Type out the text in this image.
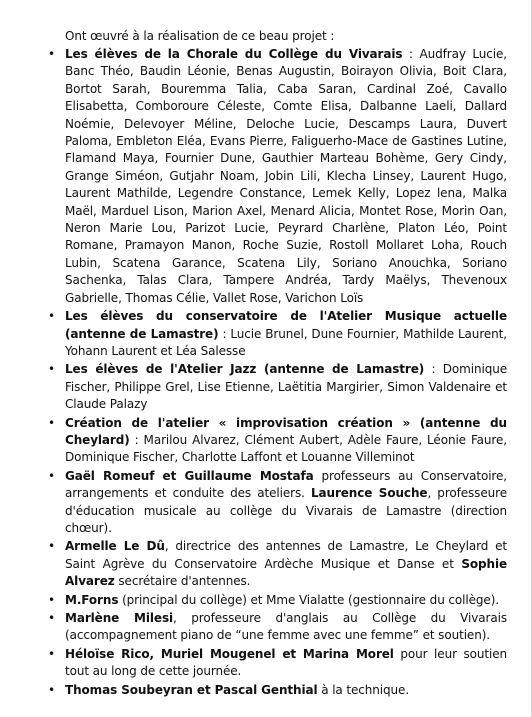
Ont œuvré à la réalisation de ce beau projet :
• Les élèves de la Chorale du Collège du Vivarais : Audfray Lucie, Banc Théo, Baudin Léonie, Benas Augustin, Boirayon Olivia, Boit Clara, Bortot Sarah, Bouremma Talia, Caba Saran, Cardinal Zoé, Cavallo Elisabetta, Comboroure Céleste, Comte Elisa, Dalbanne Laeli, Dallard Noémie, Delevoyer Méline, Deloche Lucie, Descamps Laura, Duvert Paloma, Embleton Eléa, Evans Pierre, Faliguerho-Mace de Gastines Lutine, Flamand Maya, Fournier Dune, Gauthier Marteau Bohème, Gery Cindy, Grange Siméon, Gutjahr Noam, Jobin Lili, Klecha Linsey, Laurent Hugo, Laurent Mathilde, Legendre Constance, Lemek Kelly, Lopez lena, Malka Maël, Marduel Lison, Marion Axel, Menard Alicia, Montet Rose, Morin Oan, Neron Marie Lou, Parizot Lucie, Peyrard Charlène, Platon Léo, Point Romane, Pramayon Manon, Roche Suzie, Rostoll Mollaret Loha, Rouch Lubin, Scatena Garance, Scatena Lily, Soriano Anouchka, Soriano Sachenka, Talas Clara, Tampere Andréa, Tardy Maëlys, Thevenoux Gabrielle, Thomas Célie, Vallet Rose, Varichon Loïs
• Les élèves du conservatoire de l'Atelier Musique actuelle (antenne de Lamastre) : Lucie Brunel, Dune Fournier, Mathilde Laurent, Yohann Laurent et Léa Salesse
• Les élèves de l'Atelier Jazz (antenne de Lamastre) : Dominique Fischer, Philippe Grel, Lise Etienne, Laëtitia Margirier, Simon Valdenaire et Claude Palazy
• Création de l'atelier « improvisation création » (antenne du Cheylard) : Marilou Alvarez, Clément Aubert, Adèle Faure, Léonie Faure, Dominique Fischer, Charlotte Laffont et Louanne Villeminot
• Gaël Romeuf et Guillaume Mostafa professeurs au Conservatoire, arrangements et conduite des ateliers. Laurence Souche, professeure d'éducation musicale au collège du Vivarais de Lamastre (direction chœur).
• Armelle Le Dû, directrice des antennes de Lamastre, Le Cheylard et Saint Agrève du Conservatoire Ardèche Musique et Danse et Sophie Alvarez secrétaire d'antennes.
• M.Forns (principal du collège) et Mme Vialatte (gestionnaire du collège).
• Marlène Milesi, professeure d'anglais au Collège du Vivarais (accompagnement piano de “une femme avec une femme” et soutien).
• Héloïse Rico, Muriel Mougenel et Marina Morel pour leur soutien tout au long de cette journée.
• Thomas Soubeyran et Pascal Genthial à la technique.
